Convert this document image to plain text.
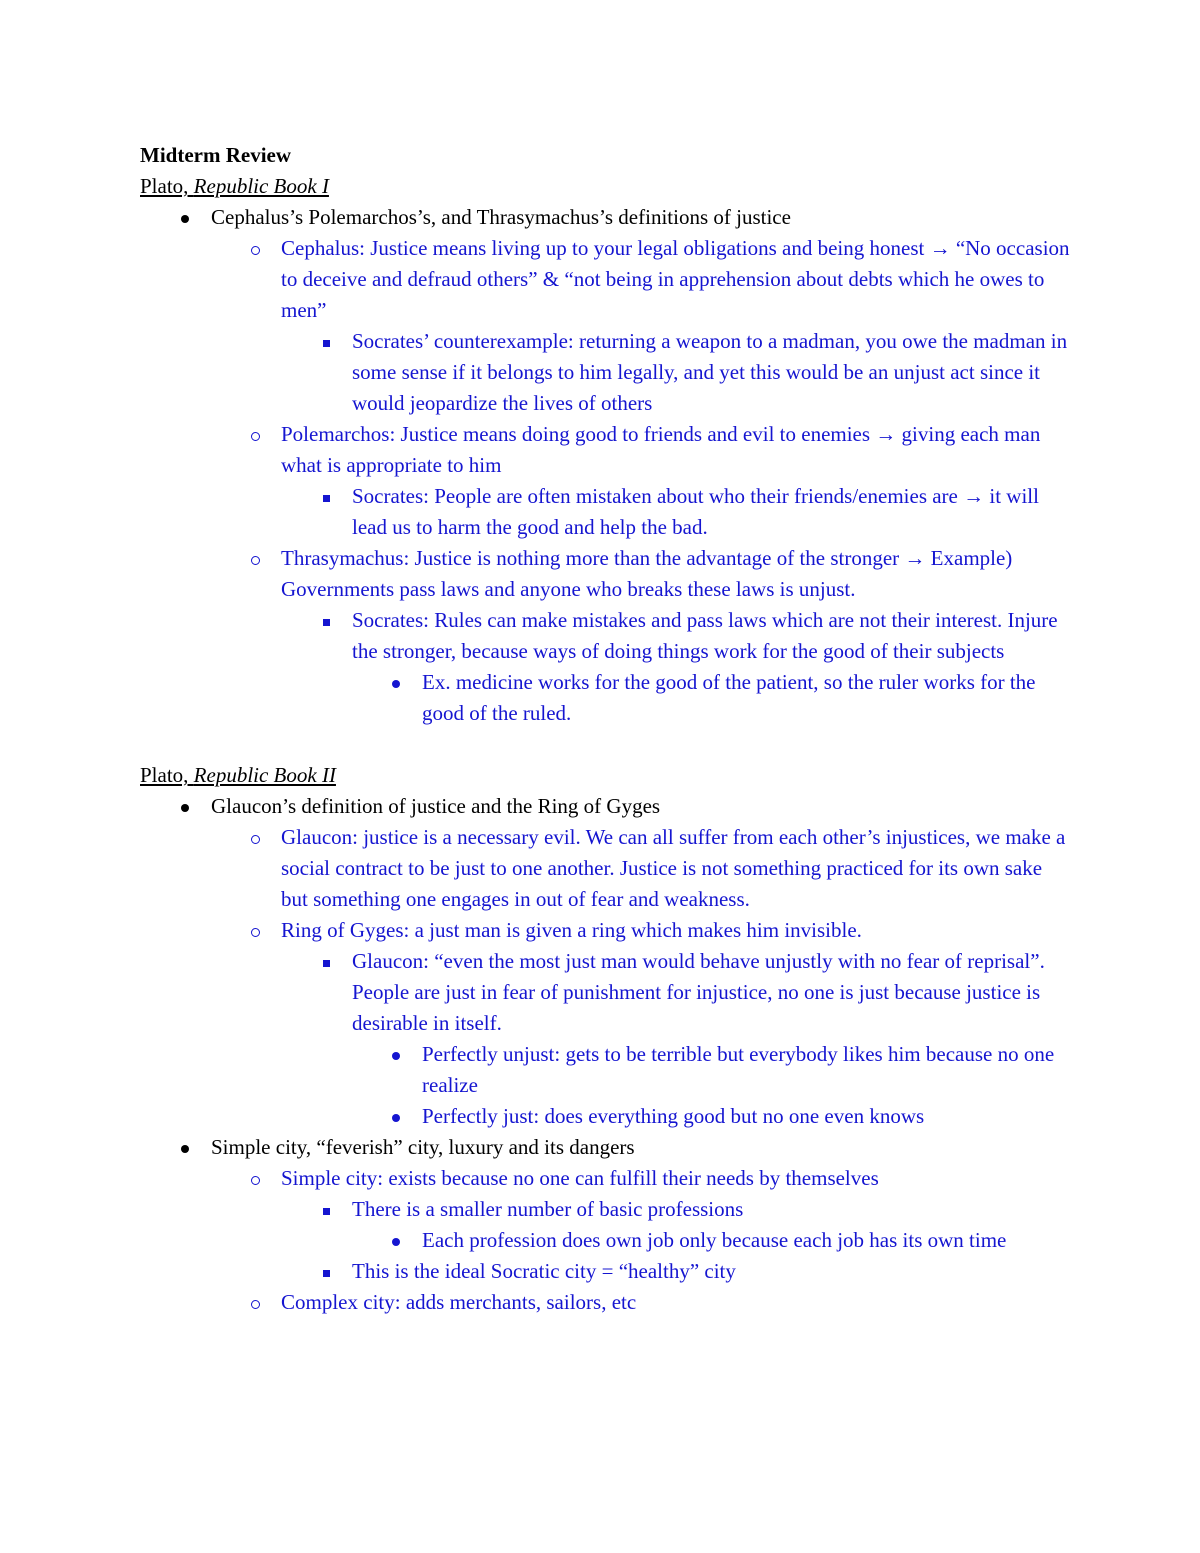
Midterm Review
Plato, Republic Book I
Cephalus’s Polemarchos’s, and Thrasymachus’s definitions of justice
Cephalus: Justice means living up to your legal obligations and being honest → “No occasion to deceive and defraud others” & “not being in apprehension about debts which he owes to men”
Socrates’ counterexample: returning a weapon to a madman, you owe the madman in some sense if it belongs to him legally, and yet this would be an unjust act since it would jeopardize the lives of others
Polemarchos: Justice means doing good to friends and evil to enemies → giving each man what is appropriate to him
Socrates: People are often mistaken about who their friends/enemies are → it will lead us to harm the good and help the bad.
Thrasymachus: Justice is nothing more than the advantage of the stronger → Example) Governments pass laws and anyone who breaks these laws is unjust.
Socrates: Rules can make mistakes and pass laws which are not their interest. Injure the stronger, because ways of doing things work for the good of their subjects
Ex. medicine works for the good of the patient, so the ruler works for the good of the ruled.
Plato, Republic Book II
Glaucon’s definition of justice and the Ring of Gyges
Glaucon: justice is a necessary evil. We can all suffer from each other’s injustices, we make a social contract to be just to one another. Justice is not something practiced for its own sake but something one engages in out of fear and weakness.
Ring of Gyges: a just man is given a ring which makes him invisible.
Glaucon: “even the most just man would behave unjustly with no fear of reprisal”. People are just in fear of punishment for injustice, no one is just because justice is desirable in itself.
Perfectly unjust: gets to be terrible but everybody likes him because no one realize
Perfectly just: does everything good but no one even knows
Simple city, “feverish” city, luxury and its dangers
Simple city: exists because no one can fulfill their needs by themselves
There is a smaller number of basic professions
Each profession does own job only because each job has its own time
This is the ideal Socratic city = “healthy” city
Complex city: adds merchants, sailors, etc
